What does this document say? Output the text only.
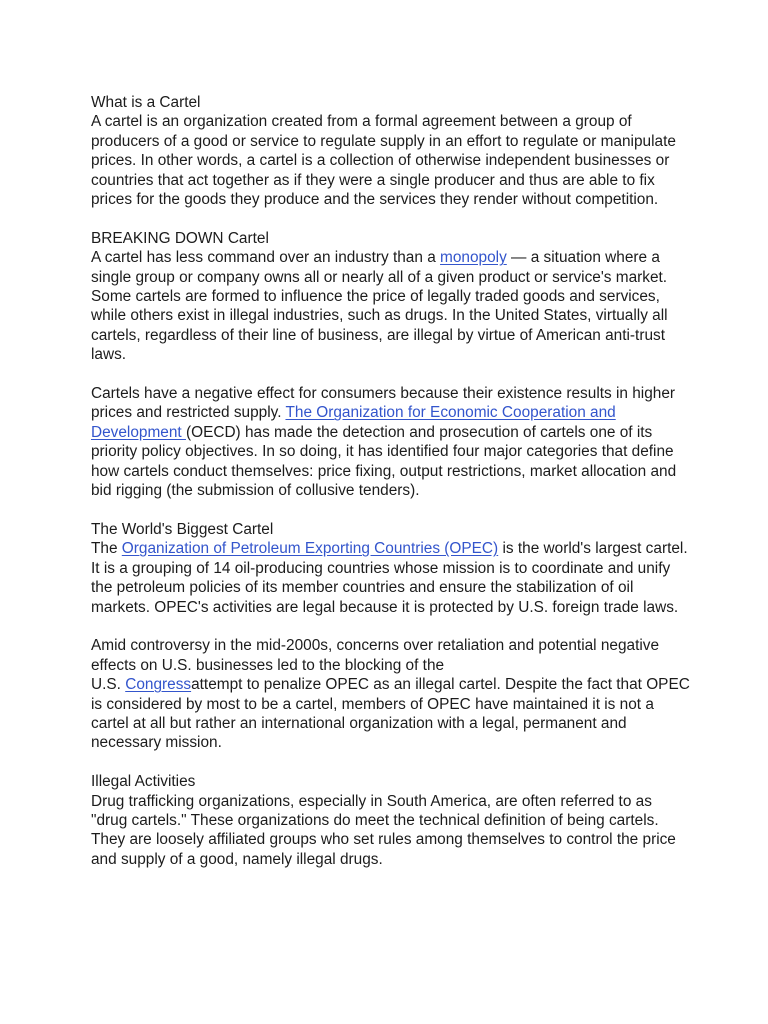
What is a Cartel

A cartel is an organization created from a formal agreement between a group of producers of a good or service to regulate supply in an effort to regulate or manipulate prices. In other words, a cartel is a collection of otherwise independent businesses or countries that act together as if they were a single producer and thus are able to fix prices for the goods they produce and the services they render without competition.

BREAKING DOWN Cartel

A cartel has less command over an industry than a monopoly — a situation where a single group or company owns all or nearly all of a given product or service's market. Some cartels are formed to influence the price of legally traded goods and services, while others exist in illegal industries, such as drugs. In the United States, virtually all cartels, regardless of their line of business, are illegal by virtue of American anti-trust laws.

Cartels have a negative effect for consumers because their existence results in higher prices and restricted supply. The Organization for Economic Cooperation and Development (OECD) has made the detection and prosecution of cartels one of its priority policy objectives. In so doing, it has identified four major categories that define how cartels conduct themselves: price fixing, output restrictions, market allocation and bid rigging (the submission of collusive tenders).

The World's Biggest Cartel

The Organization of Petroleum Exporting Countries (OPEC) is the world's largest cartel. It is a grouping of 14 oil-producing countries whose mission is to coordinate and unify the petroleum policies of its member countries and ensure the stabilization of oil markets. OPEC's activities are legal because it is protected by U.S. foreign trade laws.

Amid controversy in the mid-2000s, concerns over retaliation and potential negative effects on U.S. businesses led to the blocking of the
U.S. Congressattempt to penalize OPEC as an illegal cartel. Despite the fact that OPEC is considered by most to be a cartel, members of OPEC have maintained it is not a cartel at all but rather an international organization with a legal, permanent and necessary mission.

Illegal Activities

Drug trafficking organizations, especially in South America, are often referred to as "drug cartels." These organizations do meet the technical definition of being cartels. They are loosely affiliated groups who set rules among themselves to control the price and supply of a good, namely illegal drugs.
